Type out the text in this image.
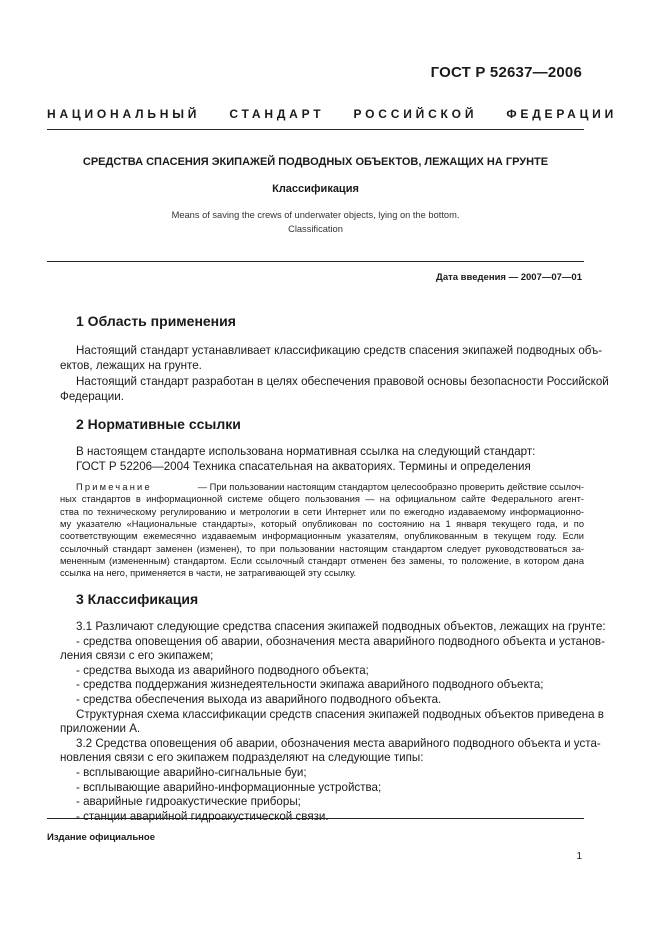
ГОСТ Р 52637—2006
НАЦИОНАЛЬНЫЙ СТАНДАРТ РОССИЙСКОЙ ФЕДЕРАЦИИ
СРЕДСТВА СПАСЕНИЯ ЭКИПАЖЕЙ ПОДВОДНЫХ ОБЪЕКТОВ, ЛЕЖАЩИХ НА ГРУНТЕ
Классификация
Means of saving the crews of underwater objects, lying on the bottom.
Classification
Дата введения — 2007—07—01
1 Область применения
Настоящий стандарт устанавливает классификацию средств спасения экипажей подводных объ-
ектов, лежащих на грунте.
Настоящий стандарт разработан в целях обеспечения правовой основы безопасности Российской
Федерации.
2 Нормативные ссылки
В настоящем стандарте использована нормативная ссылка на следующий стандарт:
ГОСТ Р 52206—2004 Техника спасательная на акваториях. Термины и определения
Примечание	— При пользовании настоящим стандартом целесообразно проверить действие ссылоч-
ных стандартов в информационной системе общего пользования — на официальном сайте Федерального агент-
ства по техническому регулированию и метрологии в сети Интернет или по ежегодно издаваемому информационно-
му указателю «Национальные стандарты», который опубликован по состоянию на 1 января текущего года, и по
соответствующим ежемесячно издаваемым информационным указателям, опубликованным в текущем году. Если
ссылочный стандарт заменен (изменен), то при пользовании настоящим стандартом следует руководствоваться за-
мененным (измененным) стандартом. Если ссылочный стандарт отменен без замены, то положение, в котором дана
ссылка на него, применяется в части, не затрагивающей эту ссылку.
3 Классификация
3.1 Различают следующие средства спасения экипажей подводных объектов, лежащих на грунте:
- средства оповещения об аварии, обозначения места аварийного подводного объекта и установ-
ления связи с его экипажем;
- средства выхода из аварийного подводного объекта;
- средства поддержания жизнедеятельности экипажа аварийного подводного объекта;
- средства обеспечения выхода из аварийного подводного объекта.
Структурная схема классификации средств спасения экипажей подводных объектов приведена в
приложении А.
3.2 Средства оповещения об аварии, обозначения места аварийного подводного объекта и уста-
новления связи с его экипажем подразделяют на следующие типы:
- всплывающие аварийно-сигнальные буи;
- всплывающие аварийно-информационные устройства;
- аварийные гидроакустические приборы;
- станции аварийной гидроакустической связи.
Издание официальное
1
